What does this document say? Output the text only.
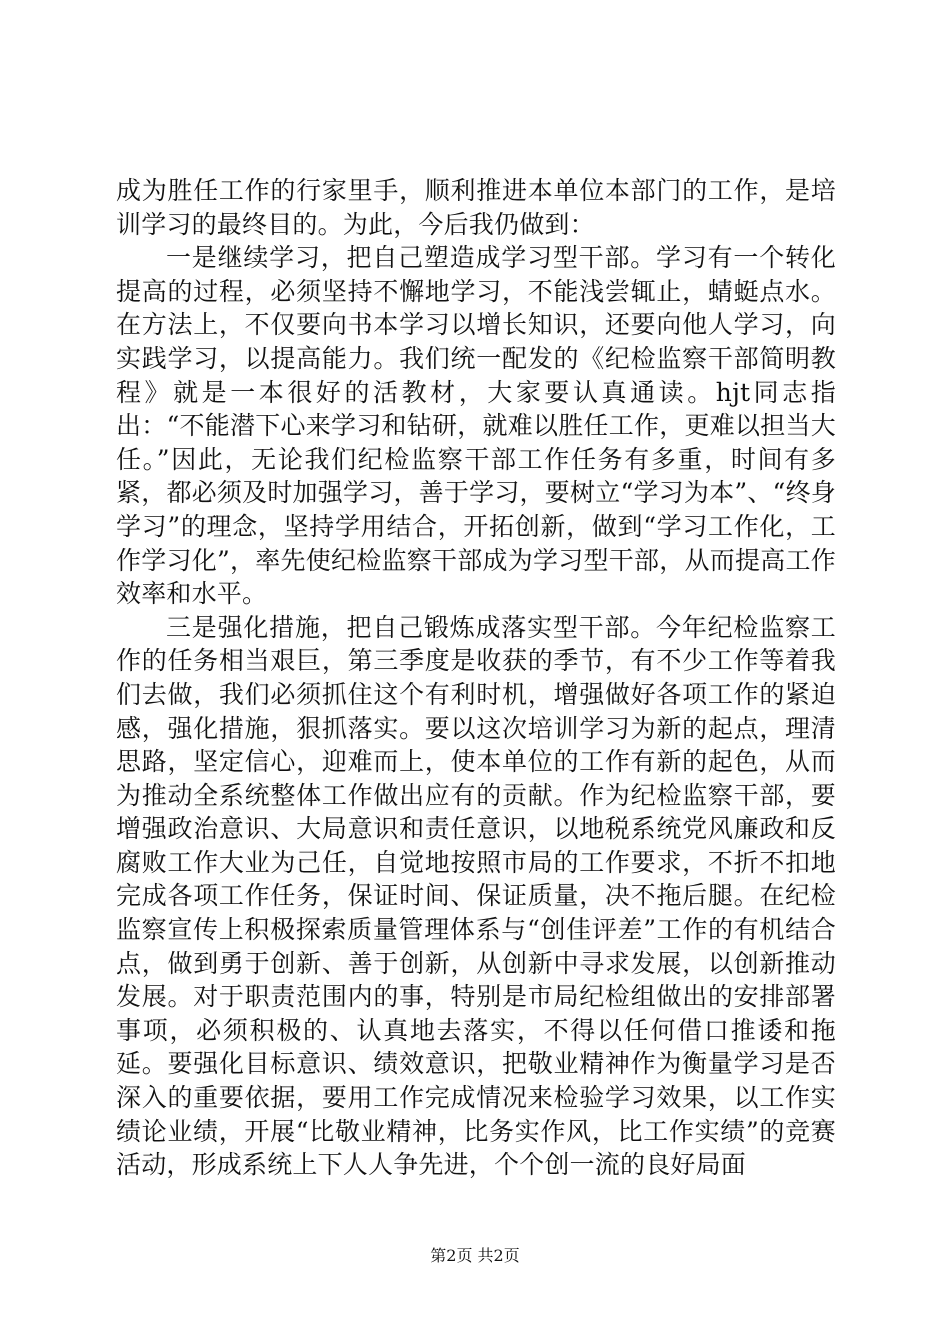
成为胜任工作的行家里手，顺利推进本单位本部门的工作，是培训学习的最终目的。为此，今后我仍做到：

一是继续学习，把自己塑造成学习型干部。学习有一个转化提高的过程，必须坚持不懈地学习，不能浅尝辄止，蜻蜓点水。在方法上，不仅要向书本学习以增长知识，还要向他人学习，向实践学习，以提高能力。我们统一配发的《纪检监察干部简明教程》就是一本很好的活教材，大家要认真通读。hjt同志指出：“不能潜下心来学习和钻研，就难以胜任工作，更难以担当大任。”因此，无论我们纪检监察干部工作任务有多重，时间有多紧，都必须及时加强学习，善于学习，要树立“学习为本”、“终身学习”的理念，坚持学用结合，开拓创新，做到“学习工作化，工作学习化”，率先使纪检监察干部成为学习型干部，从而提高工作效率和水平。

三是强化措施，把自己锻炼成落实型干部。今年纪检监察工作的任务相当艰巨，第三季度是收获的季节，有不少工作等着我们去做，我们必须抓住这个有利时机，增强做好各项工作的紧迫感，强化措施，狠抓落实。要以这次培训学习为新的起点，理清思路，坚定信心，迎难而上，使本单位的工作有新的起色，从而为推动全系统整体工作做出应有的贡献。作为纪检监察干部，要增强政治意识、大局意识和责任意识，以地税系统党风廉政和反腐败工作大业为己任，自觉地按照市局的工作要求，不折不扣地完成各项工作任务，保证时间、保证质量，决不拖后腿。在纪检监察宣传上积极探索质量管理体系与“创佳评差”工作的有机结合点，做到勇于创新、善于创新，从创新中寻求发展，以创新推动发展。对于职责范围内的事，特别是市局纪检组做出的安排部署事项，必须积极的、认真地去落实，不得以任何借口推诿和拖延。要强化目标意识、绩效意识，把敬业精神作为衡量学习是否深入的重要依据，要用工作完成情况来检验学习效果，以工作实绩论业绩，开展“比敬业精神，比务实作风，比工作实绩”的竞赛活动，形成系统上下人人争先进，个个创一流的良好局面

第2页 共2页
